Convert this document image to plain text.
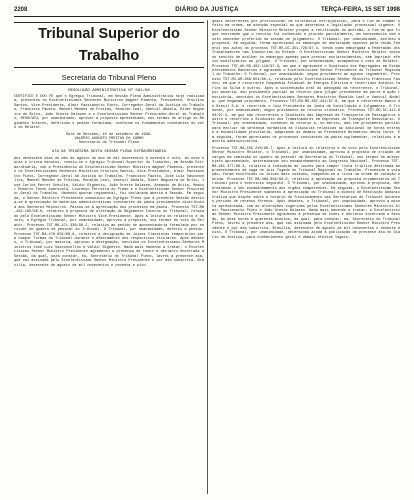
2208	DIÁRIO DA JUSTIÇA	TERÇA-FEIRA, 15 SET 1998
Tribunal Superior do Trabalho
Secretaria do Tribunal Pleno
RESOLUÇÃO ADMINISTRATIVA Nº 561/98
CERTIFICO E DOU FÉ que o Egrégio Tribunal, em Sessão Plena Administrativa hoje realizada, presentes os Excelentíssimos Senhores Ministros Wagner Pimenta, Presidente, Ursulino Santos, Vice-Presidente, Almir Pazzianotto Pinto, Corregedor-Geral da Justiça do Trabalho, Francisco Fausto, Manoel Mendes de Freitas, Ronaldo Leal, Vantuil Abdala, Rider Nogueira de Brito, João Oreste Dalazen e o Excelentíssimo Senhor Procurador-Geral do Trabalho, RESOLVEU, por unanimidade, aprovar a proposta apresentada, nos termos do artigo do Regimento Interno, deferindo o pedido formulado, conforme os fundamentos constantes do voto do Relator.
Sala de Sessões, 10 de setembro de 1998.
VALÉRIO AUGUSTO FREITAS DO CARMO
Secretário do Tribunal Pleno
ATA DA TRIGÉSIMA SEXTA SESSÃO PLENA EXTRAORDINÁRIA
Aos dezessete dias do mês de agosto do ano de mil novecentos e noventa e oito, às nove horas e trinta minutos, reuniu-se o Egrégio Tribunal Superior do Trabalho, em Sessão Extraordinária, sob a Presidência do Excelentíssimo Senhor Ministro Wagner Pimenta, presentes os Excelentíssimos Senhores Ministros Ursulino Santos, Vice-Presidente, Almir Pazzianotto Pinto, Corregedor-Geral da Justiça do Trabalho, Francisco Fausto, José Luiz Vasconcellos, Manoel Mendes de Freitas, Ronaldo Leal, Vantuil Abdala, Rider Nogueira de Brito, José Carlos Perret Schulte, Valdir Righetto, João Oreste Dalazen, Armando de Brito, Moacyr Roberto Tesch Auersvald, Lourenço Ferreira do Prado e o Excelentíssimo Senhor Procurador-Geral do Trabalho. Havendo quorum regimental, foi declarada aberta a Sessão. Em seguida, o Senhor Ministro Presidente comunicou ao Egrégio Pleno que a presente Sessão destina-se à apreciação de matérias administrativas constantes da pauta previamente distribuída aos Senhores Ministros. Passou-se à apreciação dos processos em pauta. Processo TST-MA-462.195/98.0, relativo à proposta de alteração do Regimento Interno do Tribunal, relatado pelo Excelentíssimo Senhor Ministro Vice-Presidente. Após a leitura do relatório e do voto, o Egrégio Tribunal, por unanimidade, aprovou a proposta, nos termos do voto do Relator. Processo TST-MA-471.338/98.2, relativo ao pedido de aposentadoria formulado por servidor do quadro de pessoal do Tribunal. O Tribunal, por unanimidade, deferiu o pedido. Processo TST-MA-478.901/98.6, relativo à designação de Juízes Classistas temporários para compor Turmas do Tribunal durante o afastamento dos respectivos titulares. Após debates, o Tribunal, por maioria, aprovou a designação, vencidos os Excelentíssimos Senhores Ministros José Luiz Vasconcellos e Valdir Righetto. Nada mais havendo a tratar, o Excelentíssimo Senhor Ministro Presidente agradeceu a presença de todos e declarou encerrada a Sessão, da qual, para constar, eu, Secretário do Tribunal Pleno, lavrei a presente ata, que vai assinada pelo Excelentíssimo Senhor Ministro Presidente e por mim subscrita. Brasília, dezessete de agosto de mil novecentos e noventa e oito.
quais decorrentes por profissional de tolerância extrajudicial, para o fim de chamar o feito em ordem, em atenção especial ao que determina a legislação processual vigente. O Excelentíssimo Senhor Ministro Relator propôs a retificação do acórdão, a fim de que fique constando que o recurso foi conhecido e provido parcialmente, em consonância com o voto vencedor proferido na sessão de julgamento. O Tribunal, por unanimidade, acolheu a proposta. Em seguida, foram apreciados os embargos de declaração opostos pela União Federal nos autos do processo TST-RO-DC-351.720/97.4, tendo como embargada a Federação dos Trabalhadores nas Indústrias do Estado. O Excelentíssimo Senhor Ministro Relator votou no sentido de acolher os embargos apenas para prestar esclarecimentos, sem imprimir efeito modificativo ao julgado. O Tribunal, por unanimidade, acompanhou o voto do Relator. Processo TST-AG-MS-402.118/97.9, em que é agravante o Sindicato dos Empregados em Estabelecimentos Bancários e agravado o Excelentíssimo Senhor Presidente do Tribunal Regional do Trabalho. O Tribunal, por unanimidade, negou provimento ao agravo regimental. Processo TST-RO-AR-288.654/96.1, relatado pelo Excelentíssimo Senhor Ministro Francisco Fausto, em que é recorrente Companhia Estadual de Energia Elétrica e recorridos Antônio Carlos da Silva e outros. Após a sustentação oral do advogado da recorrente, o Tribunal, por maioria, deu provimento parcial ao recurso para julgar procedente em parte a ação rescisória, vencidos os Excelentíssimos Senhores Ministros Ronaldo Leal e Vantuil Abdala, que negavam provimento. Processo TST-RO-MS-367.441/97.0, em que é recorrente Banco do Brasil S.A. e recorrido o Juiz Presidente da Junta de Conciliação e Julgamento. O Tribunal, por unanimidade, negou provimento ao recurso ordinário. Processo TST-RO-DC-412.903/97.5, em que são recorrentes o Sindicato das Empresas de Transporte de Passageiros e outro e recorrido o Sindicato dos Trabalhadores em Empresas de Transporte Rodoviário. O Tribunal, por unanimidade, conheceu do recurso e, no mérito, deu-lhe provimento parcial para excluir da sentença normativa as cláusulas relativas ao adicional de horas extras e à estabilidade provisória, adaptando as demais ao Precedente Normativo desta Corte. Em seguida, foram apreciados os processos constantes da pauta suplementar, relativos a matéria administrativa.
Processo TST-MA-455.210/98.7. Após a leitura do relatório e do voto pelo Excelentíssimo Senhor Ministro Relator, o Tribunal, por unanimidade, aprovou a proposta de criação de cargos em comissão no quadro de pessoal da Secretaria do Tribunal, nos termos do anteprojeto apresentado, determinando seu encaminhamento ao Congresso Nacional. Processo TST-MA-461.377/98.3, relativo à indicação de Juízes para compor lista tríplice destinada ao preenchimento de vaga de Juiz Togado do Tribunal Regional do Trabalho. Procedida a votação, foram escolhidos os Juízes mais votados, compondo-se a lista na ordem de votação obtida. Processo TST-MA-466.802/98.9, relativo à aprovação da proposta orçamentária do Tribunal para o exercício seguinte. O Tribunal, por unanimidade, aprovou a proposta, determinando o seu encaminhamento aos órgãos competentes. Em seguida, o Excelentíssimo Senhor Ministro Presidente submeteu à apreciação do Tribunal a minuta de Resolução Administrativa que dispõe sobre o horário de funcionamento das Secretarias do Tribunal durante o período de recesso forense. Após debates, o Tribunal, por unanimidade, aprovou a minuta apresentada, com as alterações sugeridas pelos Excelentíssimos Senhores Ministros Almir Pazzianotto Pinto e João Oreste Dalazen. Nada mais havendo a tratar, o Excelentíssimo Senhor Ministro Presidente agradeceu a presença de todos e declarou encerrada a Sessão, às doze horas e quarenta minutos, da qual, para constar, eu, Secretário do Tribunal Pleno, lavrei a presente ata, que vai assinada pelo Excelentíssimo Senhor Ministro Presidente e por mim subscrita. Brasília, dezessete de agosto de mil novecentos e noventa e oito. O Tribunal, por unanimidade, determinou ainda a publicação da presente ata no Diário da Justiça, para conhecimento geral e demais efeitos legais.
